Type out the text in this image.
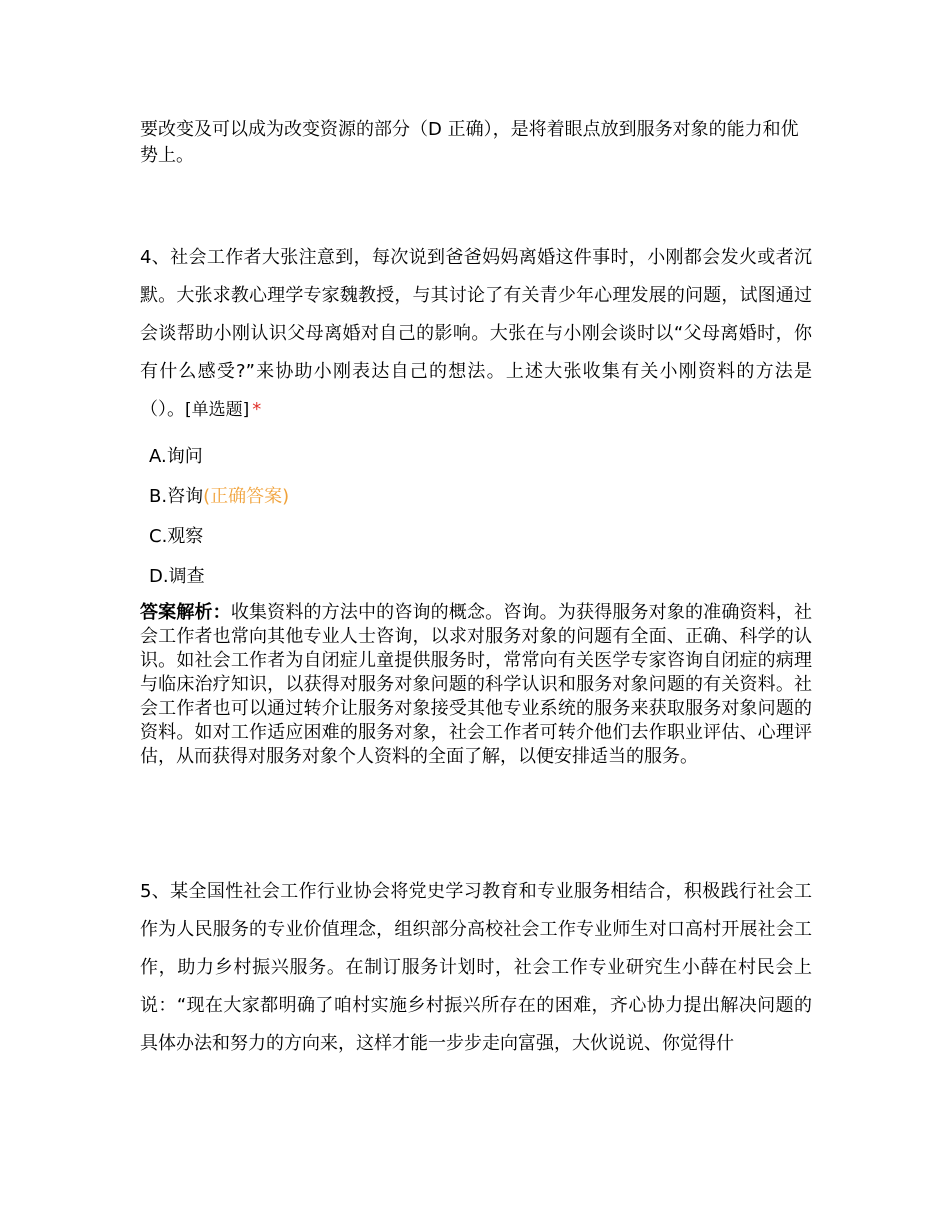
要改变及可以成为改变资源的部分（D 正确），是将着眼点放到服务对象的能力和优势上。

4、社会工作者大张注意到，每次说到爸爸妈妈离婚这件事时，小刚都会发火或者沉默。大张求教心理学专家魏教授，与其讨论了有关青少年心理发展的问题，试图通过会谈帮助小刚认识父母离婚对自己的影响。大张在与小刚会谈时以“父母离婚时，你有什么感受?”来协助小刚表达自己的想法。上述大张收集有关小刚资料的方法是（）。[单选题] *

A.询问
B.咨询(正确答案)
C.观察
D.调查

答案解析：收集资料的方法中的咨询的概念。咨询。为获得服务对象的准确资料，社会工作者也常向其他专业人士咨询，以求对服务对象的问题有全面、正确、科学的认识。如社会工作者为自闭症儿童提供服务时，常常向有关医学专家咨询自闭症的病理与临床治疗知识，以获得对服务对象问题的科学认识和服务对象问题的有关资料。社会工作者也可以通过转介让服务对象接受其他专业系统的服务来获取服务对象问题的资料。如对工作适应困难的服务对象，社会工作者可转介他们去作职业评估、心理评估，从而获得对服务对象个人资料的全面了解，以便安排适当的服务。

5、某全国性社会工作行业协会将党史学习教育和专业服务相结合，积极践行社会工作为人民服务的专业价值理念，组织部分高校社会工作专业师生对口高村开展社会工作，助力乡村振兴服务。在制订服务计划时，社会工作专业研究生小薛在村民会上说：“现在大家都明确了咱村实施乡村振兴所存在的困难，齐心协力提出解决问题的具体办法和努力的方向来，这样才能一步步走向富强，大伙说说、你觉得什
